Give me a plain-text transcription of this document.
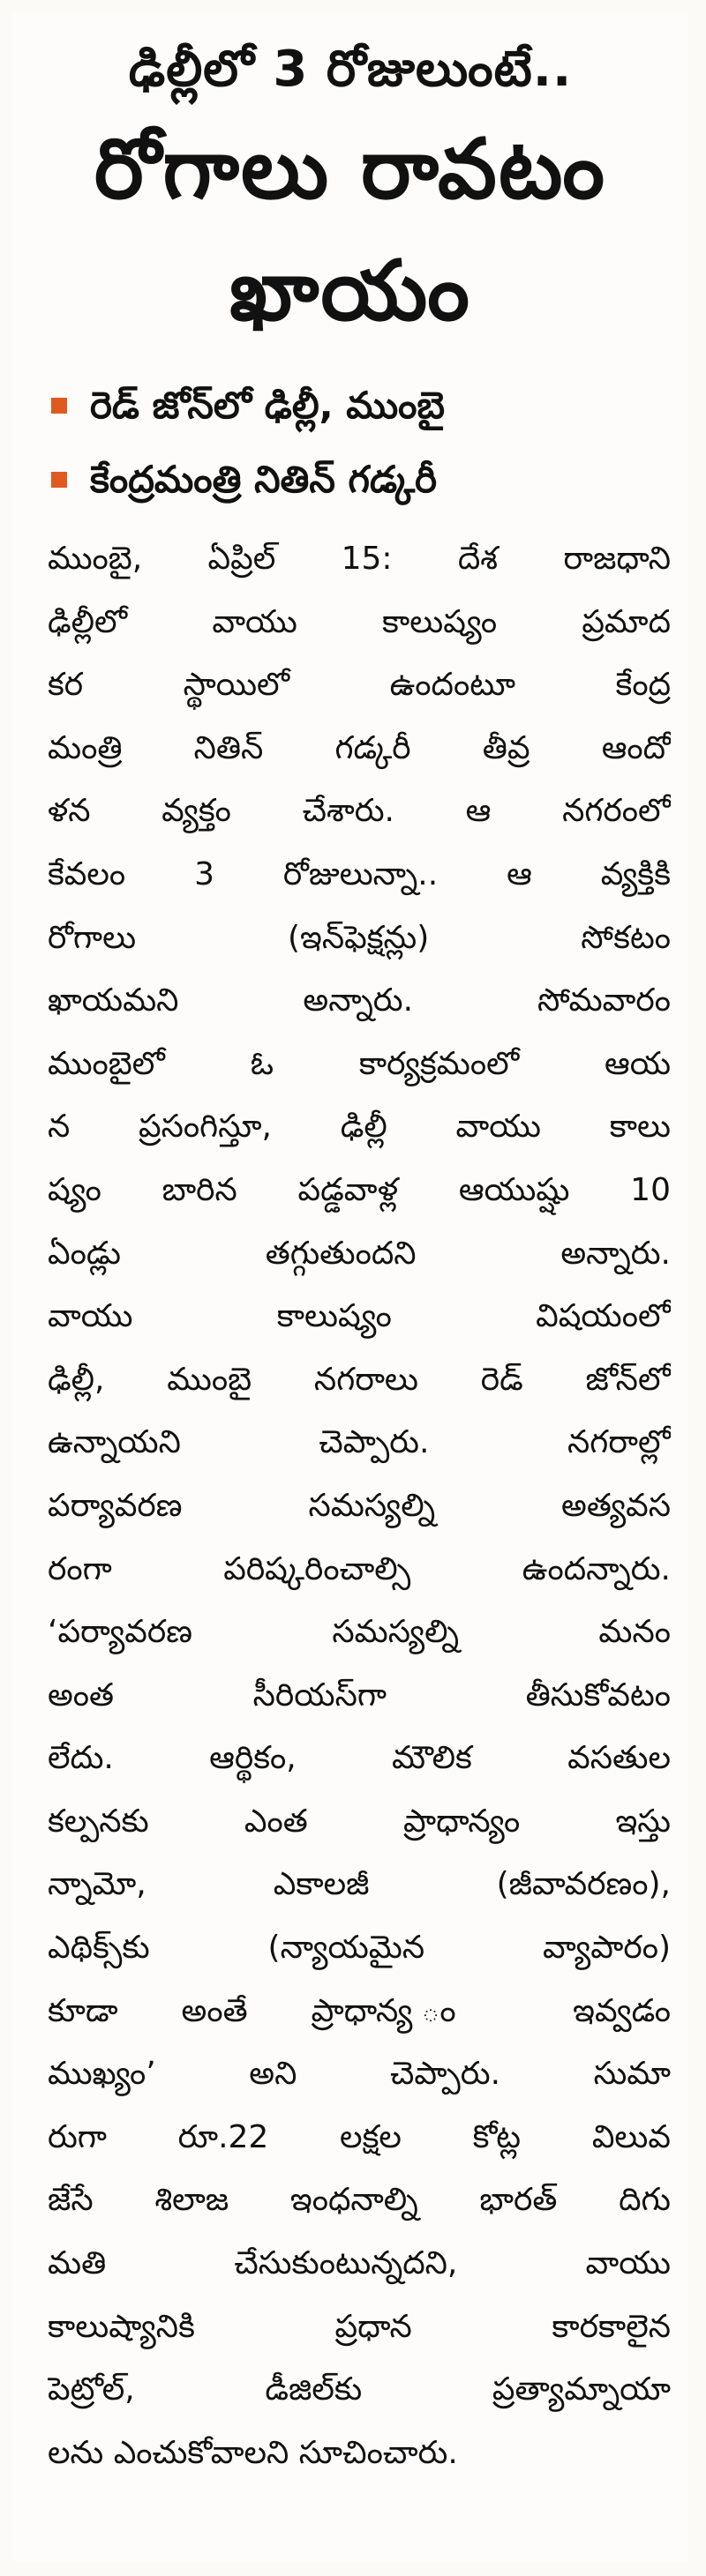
ఢిల్లీలో 3 రోజులుంటే..
రోగాలు రావటం
ఖాయం
రెడ్ జోన్‌లో ఢిల్లీ, ముంబై
కేంద్రమంత్రి నితిన్ గడ్కరీ
ముంబై, ఏప్రిల్ 15: దేశ రాజధాని
ఢిల్లీలో వాయు కాలుష్యం ప్రమాద
కర స్థాయిలో ఉందంటూ కేంద్ర
మంత్రి నితిన్ గడ్కరీ తీవ్ర ఆందో
ళన వ్యక్తం చేశారు. ఆ నగరంలో
కేవలం 3 రోజులున్నా.. ఆ వ్యక్తికి
రోగాలు (ఇన్‌ఫెక్షన్లు) సోకటం
ఖాయమని అన్నారు. సోమవారం
ముంబైలో ఓ కార్యక్రమంలో ఆయ
న ప్రసంగిస్తూ, ఢిల్లీ వాయు కాలు
ష్యం బారిన పడ్డవాళ్ల ఆయుష్షు 10
ఏండ్లు తగ్గుతుందని అన్నారు.
వాయు కాలుష్యం విషయంలో
ఢిల్లీ, ముంబై నగరాలు రెడ్ జోన్‌లో
ఉన్నాయని చెప్పారు. నగరాల్లో
పర్యావరణ సమస్యల్ని అత్యవస
రంగా పరిష్కరించాల్సి ఉందన్నారు.
‘పర్యావరణ సమస్యల్ని మనం
అంత సీరియస్‌గా తీసుకోవటం
లేదు. ఆర్థికం, మౌలిక వసతుల
కల్పనకు ఎంత ప్రాధాన్యం ఇస్తు
న్నామో, ఎకాలజీ (జీవావరణం),
ఎథిక్స్‌కు (న్యాయమైన వ్యాపారం)
కూడా అంతే ప్రాధాన్య ం ఇవ్వడం
ముఖ్యం’ అని చెప్పారు. సుమా
రుగా రూ.22 లక్షల కోట్ల విలువ
జేసే శిలాజ ఇంధనాల్ని భారత్ దిగు
మతి చేసుకుంటున్నదని, వాయు
కాలుష్యానికి ప్రధాన కారకాలైన
పెట్రోల్, డీజిల్‌కు ప్రత్యామ్నాయా
లను ఎంచుకోవాలని సూచించారు.
